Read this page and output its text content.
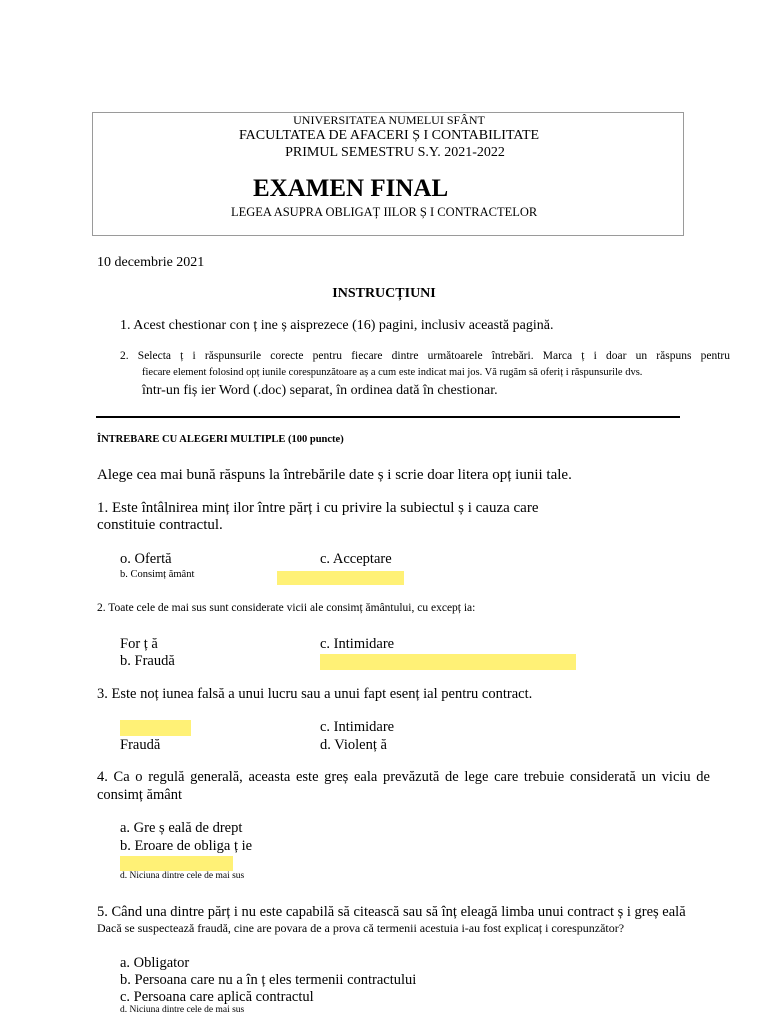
UNIVERSITATEA NUMELUI SFÂNT
FACULTATEA DE AFACERI Ș I CONTABILITATE
PRIMUL SEMESTRU S.Y. 2021-2022
EXAMEN FINAL
LEGEA ASUPRA OBLIGAȚ IILOR Ș I CONTRACTELOR
10 decembrie 2021
INSTRUCȚIUNI
1. Acest chestionar con ț ine ș aisprezece (16) pagini, inclusiv această pagină.
2. Selecta ț i răspunsurile corecte pentru fiecare dintre următoarele întrebări. Marca ț i doar un răspuns pentru
fiecare element folosind opț iunile corespunzătoare aș a cum este indicat mai jos. Vă rugăm să oferiț i răspunsurile dvs.
într-un fiș ier Word (.doc) separat, în ordinea dată în chestionar.
ÎNTREBARE CU ALEGERI MULTIPLE (100 puncte)
Alege cea mai bună răspuns la întrebările date ș i scrie doar litera opț iunii tale.
1. Este întâlnirea minț ilor între părț i cu privire la subiectul ș i cauza care
constituie contractul.
o. Ofertă	c. Acceptare
b. Consimț ământ
2. Toate cele de mai sus sunt considerate vicii ale consimț ământului, cu excepț ia:
For ț ă	c. Intimidare
b. Fraudă
3. Este noț iunea falsă a unui lucru sau a unui fapt esenț ial pentru contract.
c. Intimidare
Fraudă	d. Violenț ă
4. Ca o regulă generală, aceasta este greș eala prevăzută de lege care trebuie considerată un viciu de
consimț ământ
a. Gre ș eală de drept
b. Eroare de obliga ț ie
d. Niciuna dintre cele de mai sus
5. Când una dintre părț i nu este capabilă să citească sau să înț eleagă limba unui contract ș i greș eală
Dacă se suspectează fraudă, cine are povara de a prova că termenii acestuia i-au fost explicaț i corespunzător?
a. Obligator
b. Persoana care nu a în ț eles termenii contractului
c. Persoana care aplică contractul
d. Niciuna dintre cele de mai sus
